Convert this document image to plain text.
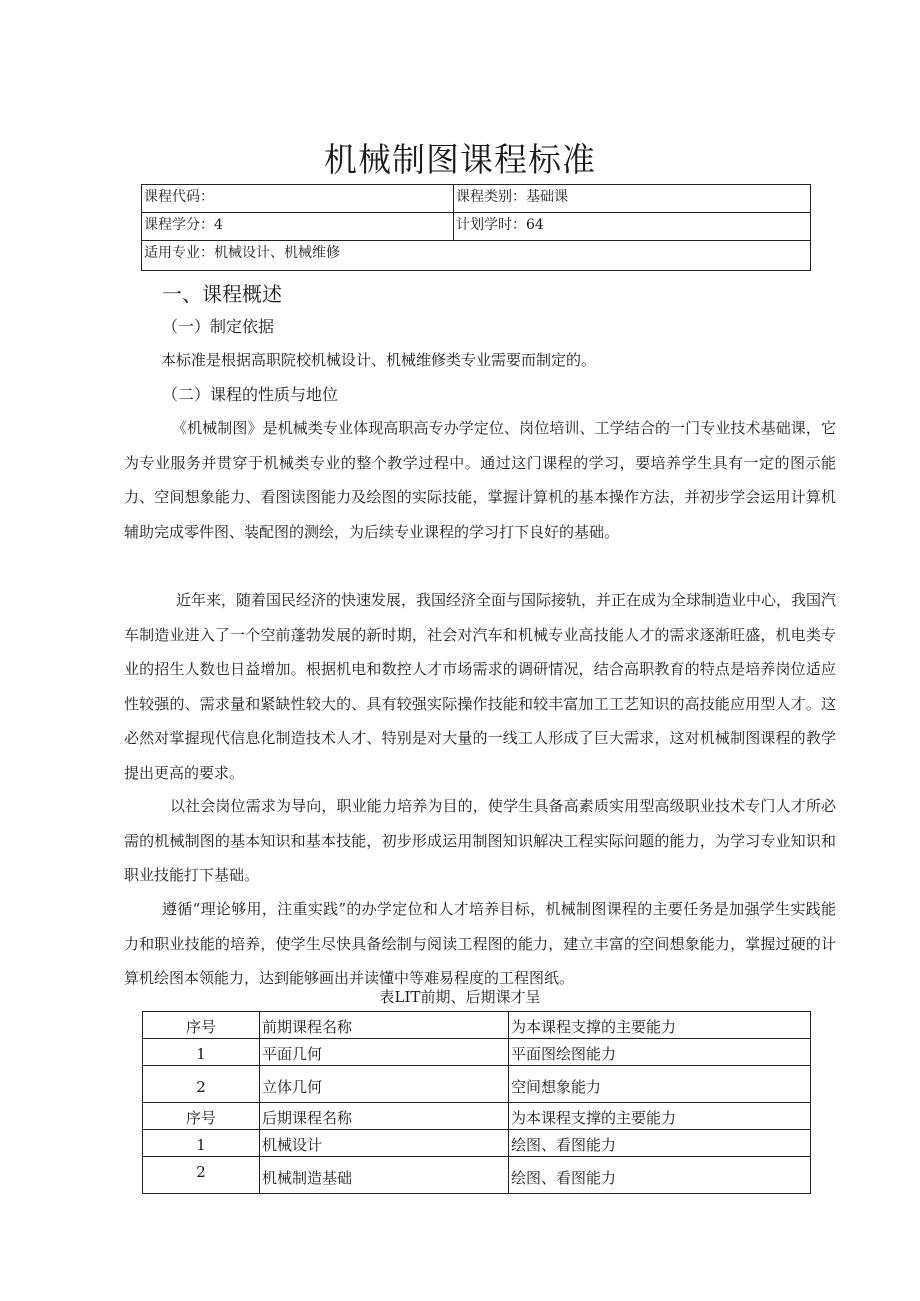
机械制图课程标准
课程代码：	课程类别：基础课
课程学分：4	计划学时：64
适用专业：机械设计、机械维修	
一、课程概述
（一）制定依据
本标准是根据高职院校机械设计、机械维修类专业需要而制定的。
（二）课程的性质与地位
《机械制图》是机械类专业体现高职高专办学定位、岗位培训、工学结合的一门专业技术基础课，它为专业服务并贯穿于机械类专业的整个教学过程中。通过这门课程的学习，要培养学生具有一定的图示能力、空间想象能力、看图读图能力及绘图的实际技能，掌握计算机的基本操作方法，并初步学会运用计算机辅助完成零件图、装配图的测绘，为后续专业课程的学习打下良好的基础。
近年来，随着国民经济的快速发展，我国经济全面与国际接轨，并正在成为全球制造业中心，我国汽车制造业进入了一个空前蓬勃发展的新时期，社会对汽车和机械专业高技能人才的需求逐渐旺盛，机电类专业的招生人数也日益增加。根据机电和数控人才市场需求的调研情况，结合高职教育的特点是培养岗位适应性较强的、需求量和紧缺性较大的、具有较强实际操作技能和较丰富加工工艺知识的高技能应用型人才。这必然对掌握现代信息化制造技术人才、特别是对大量的一线工人形成了巨大需求，这对机械制图课程的教学提出更高的要求。
以社会岗位需求为导向，职业能力培养为目的，使学生具备高素质实用型高级职业技术专门人才所必需的机械制图的基本知识和基本技能，初步形成运用制图知识解决工程实际问题的能力，为学习专业知识和职业技能打下基础。
遵循“理论够用，注重实践”的办学定位和人才培养目标，机械制图课程的主要任务是加强学生实践能力和职业技能的培养，使学生尽快具备绘制与阅读工程图的能力，建立丰富的空间想象能力，掌握过硬的计算机绘图本领能力，达到能够画出并读懂中等难易程度的工程图纸。
表LIT前期、后期课才呈
序号	前期课程名称	为本课程支撑的主要能力
1	平面几何	平面图绘图能力
2	立体几何	空间想象能力
序号	后期课程名称	为本课程支撑的主要能力
1	机械设计	绘图、看图能力
2	机械制造基础	绘图、看图能力
